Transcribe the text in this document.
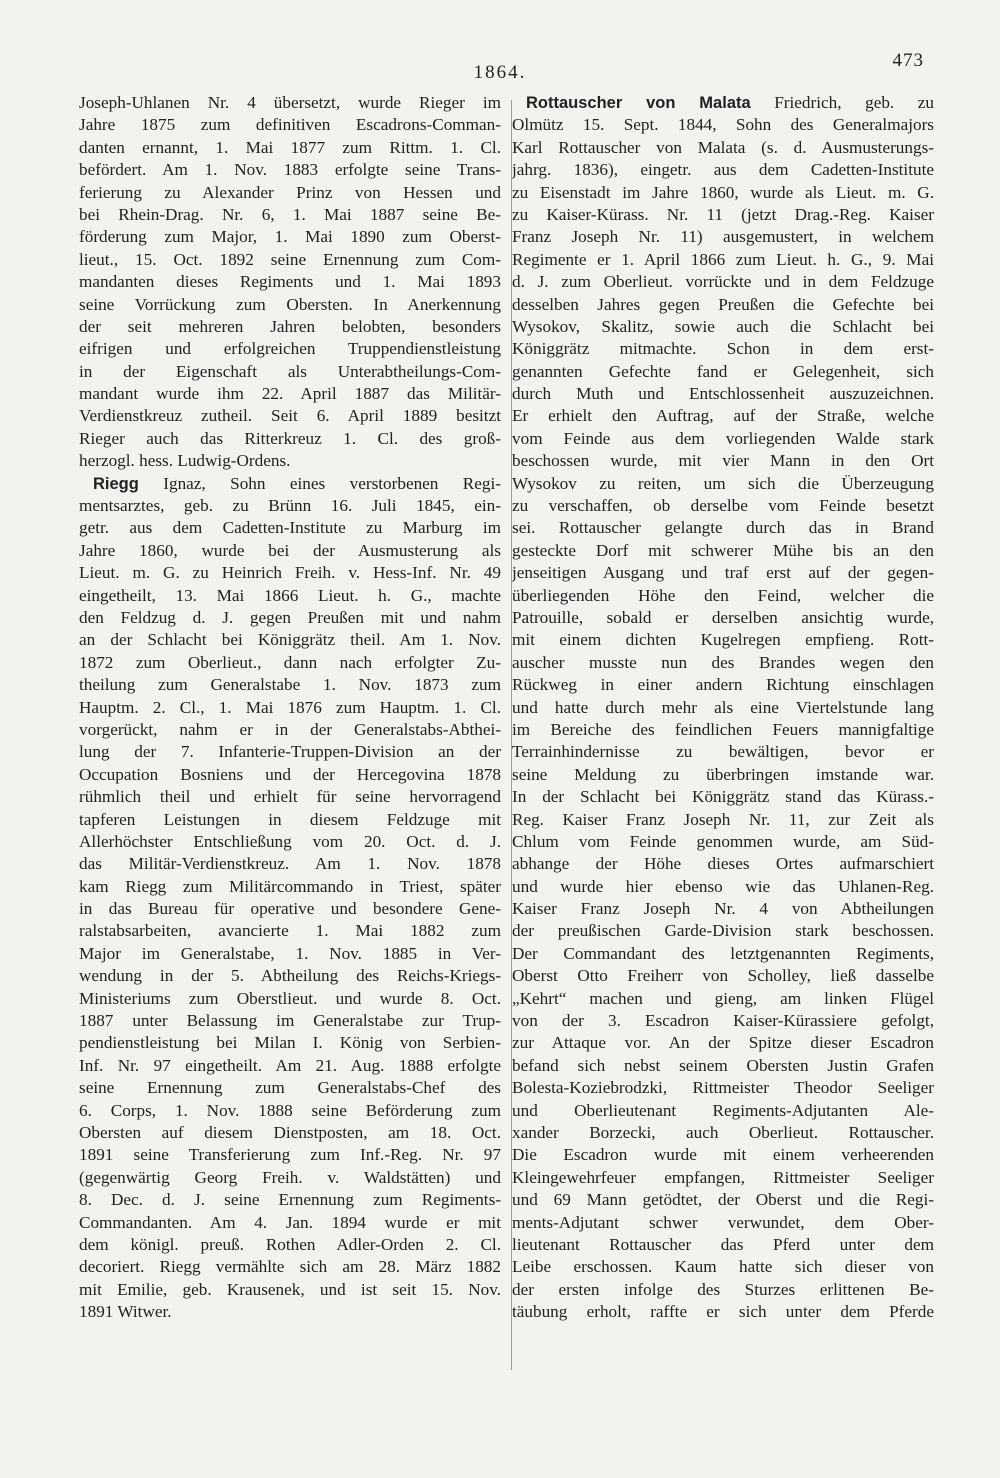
1864.
473
Joseph-Uhlanen Nr. 4 übersetzt, wurde Rieger im
Jahre 1875 zum definitiven Escadrons-Comman-
danten ernannt, 1. Mai 1877 zum Rittm. 1. Cl.
befördert. Am 1. Nov. 1883 erfolgte seine Trans-
ferierung zu Alexander Prinz von Hessen und
bei Rhein-Drag. Nr. 6, 1. Mai 1887 seine Be-
förderung zum Major, 1. Mai 1890 zum Oberst-
lieut., 15. Oct. 1892 seine Ernennung zum Com-
mandanten dieses Regiments und 1. Mai 1893
seine Vorrückung zum Obersten. In Anerkennung
der seit mehreren Jahren belobten, besonders
eifrigen und erfolgreichen Truppendienstleistung
in der Eigenschaft als Unterabtheilungs-Com-
mandant wurde ihm 22. April 1887 das Militär-
Verdienstkreuz zutheil. Seit 6. April 1889 besitzt
Rieger auch das Ritterkreuz 1. Cl. des groß-
herzogl. hess. Ludwig-Ordens.
Riegg Ignaz, Sohn eines verstorbenen Regi-
mentsarztes, geb. zu Brünn 16. Juli 1845, ein-
getr. aus dem Cadetten-Institute zu Marburg im
Jahre 1860, wurde bei der Ausmusterung als
Lieut. m. G. zu Heinrich Freih. v. Hess-Inf. Nr. 49
eingetheilt, 13. Mai 1866 Lieut. h. G., machte
den Feldzug d. J. gegen Preußen mit und nahm
an der Schlacht bei Königgrätz theil. Am 1. Nov.
1872 zum Oberlieut., dann nach erfolgter Zu-
theilung zum Generalstabe 1. Nov. 1873 zum
Hauptm. 2. Cl., 1. Mai 1876 zum Hauptm. 1. Cl.
vorgerückt, nahm er in der Generalstabs-Abthei-
lung der 7. Infanterie-Truppen-Division an der
Occupation Bosniens und der Hercegovina 1878
rühmlich theil und erhielt für seine hervorragend
tapferen Leistungen in diesem Feldzuge mit
Allerhöchster Entschließung vom 20. Oct. d. J.
das Militär-Verdienstkreuz. Am 1. Nov. 1878
kam Riegg zum Militärcommando in Triest, später
in das Bureau für operative und besondere Gene-
ralstabsarbeiten, avancierte 1. Mai 1882 zum
Major im Generalstabe, 1. Nov. 1885 in Ver-
wendung in der 5. Abtheilung des Reichs-Kriegs-
Ministeriums zum Oberstlieut. und wurde 8. Oct.
1887 unter Belassung im Generalstabe zur Trup-
pendienstleistung bei Milan I. König von Serbien-
Inf. Nr. 97 eingetheilt. Am 21. Aug. 1888 erfolgte
seine Ernennung zum Generalstabs-Chef des
6. Corps, 1. Nov. 1888 seine Beförderung zum
Obersten auf diesem Dienstposten, am 18. Oct.
1891 seine Transferierung zum Inf.-Reg. Nr. 97
(gegenwärtig Georg Freih. v. Waldstätten) und
8. Dec. d. J. seine Ernennung zum Regiments-
Commandanten. Am 4. Jan. 1894 wurde er mit
dem königl. preuß. Rothen Adler-Orden 2. Cl.
decoriert. Riegg vermählte sich am 28. März 1882
mit Emilie, geb. Krausenek, und ist seit 15. Nov.
1891 Witwer.
Rottauscher von Malata Friedrich, geb. zu
Olmütz 15. Sept. 1844, Sohn des Generalmajors
Karl Rottauscher von Malata (s. d. Ausmusterungs-
jahrg. 1836), eingetr. aus dem Cadetten-Institute
zu Eisenstadt im Jahre 1860, wurde als Lieut. m. G.
zu Kaiser-Kürass. Nr. 11 (jetzt Drag.-Reg. Kaiser
Franz Joseph Nr. 11) ausgemustert, in welchem
Regimente er 1. April 1866 zum Lieut. h. G., 9. Mai
d. J. zum Oberlieut. vorrückte und in dem Feldzuge
desselben Jahres gegen Preußen die Gefechte bei
Wysokov, Skalitz, sowie auch die Schlacht bei
Königgrätz mitmachte. Schon in dem erst-
genannten Gefechte fand er Gelegenheit, sich
durch Muth und Entschlossenheit auszuzeichnen.
Er erhielt den Auftrag, auf der Straße, welche
vom Feinde aus dem vorliegenden Walde stark
beschossen wurde, mit vier Mann in den Ort
Wysokov zu reiten, um sich die Überzeugung
zu verschaffen, ob derselbe vom Feinde besetzt
sei. Rottauscher gelangte durch das in Brand
gesteckte Dorf mit schwerer Mühe bis an den
jenseitigen Ausgang und traf erst auf der gegen-
überliegenden Höhe den Feind, welcher die
Patrouille, sobald er derselben ansichtig wurde,
mit einem dichten Kugelregen empfieng. Rott-
auscher musste nun des Brandes wegen den
Rückweg in einer andern Richtung einschlagen
und hatte durch mehr als eine Viertelstunde lang
im Bereiche des feindlichen Feuers mannigfaltige
Terrainhindernisse zu bewältigen, bevor er
seine Meldung zu überbringen imstande war.
In der Schlacht bei Königgrätz stand das Kürass.-
Reg. Kaiser Franz Joseph Nr. 11, zur Zeit als
Chlum vom Feinde genommen wurde, am Süd-
abhange der Höhe dieses Ortes aufmarschiert
und wurde hier ebenso wie das Uhlanen-Reg.
Kaiser Franz Joseph Nr. 4 von Abtheilungen
der preußischen Garde-Division stark beschossen.
Der Commandant des letztgenannten Regiments,
Oberst Otto Freiherr von Scholley, ließ dasselbe
„Kehrt“ machen und gieng, am linken Flügel
von der 3. Escadron Kaiser-Kürassiere gefolgt,
zur Attaque vor. An der Spitze dieser Escadron
befand sich nebst seinem Obersten Justin Grafen
Bolesta-Koziebrodzki, Rittmeister Theodor Seeliger
und Oberlieutenant Regiments-Adjutanten Ale-
xander Borzecki, auch Oberlieut. Rottauscher.
Die Escadron wurde mit einem verheerenden
Kleingewehrfeuer empfangen, Rittmeister Seeliger
und 69 Mann getödtet, der Oberst und die Regi-
ments-Adjutant schwer verwundet, dem Ober-
lieutenant Rottauscher das Pferd unter dem
Leibe erschossen. Kaum hatte sich dieser von
der ersten infolge des Sturzes erlittenen Be-
täubung erholt, raffte er sich unter dem Pferde
